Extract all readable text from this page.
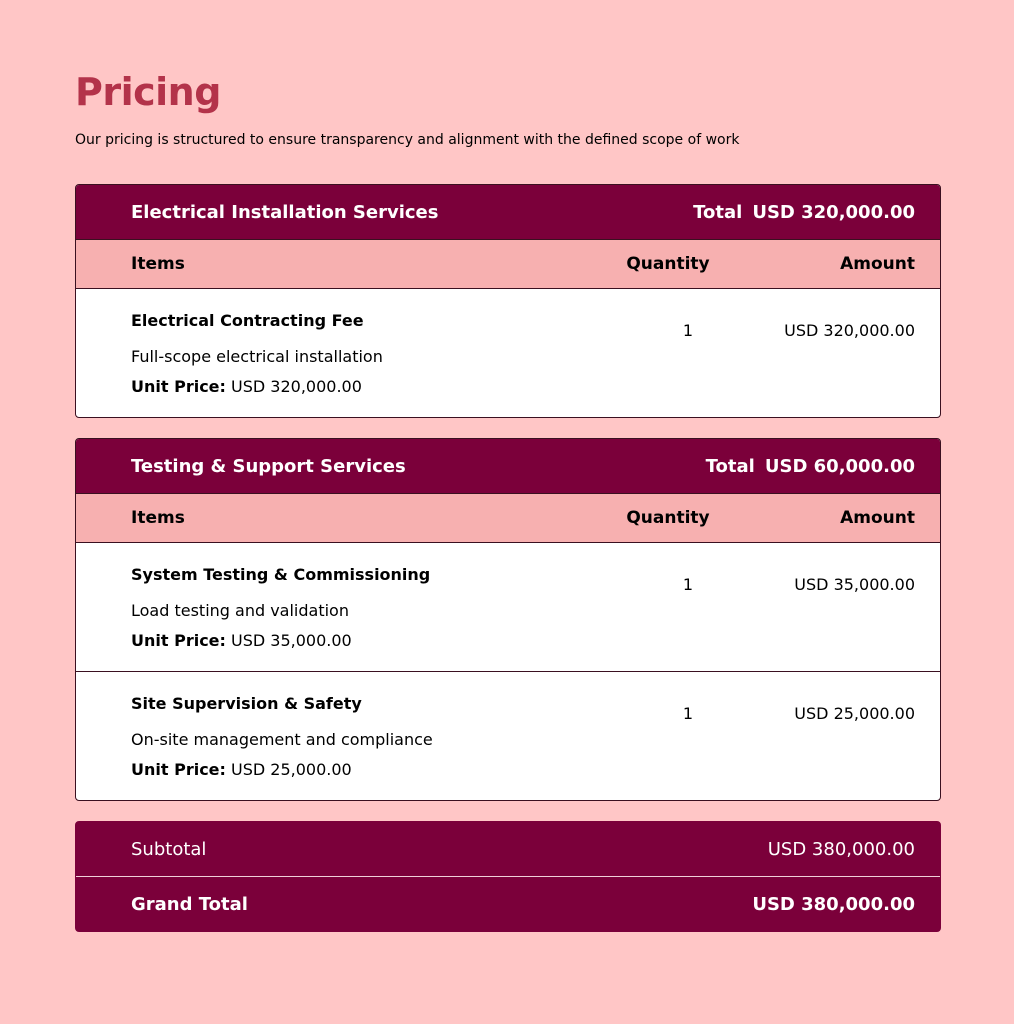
Pricing

Our pricing is structured to ensure transparency and alignment with the defined scope of work

Electrical Installation Services	Total USD 320,000.00
Items	Quantity	Amount
Electrical Contracting Fee
Full-scope electrical installation
Unit Price: USD 320,000.00
1	USD 320,000.00
Testing & Support Services	Total USD 60,000.00
Items	Quantity	Amount
System Testing & Commissioning
Load testing and validation
Unit Price: USD 35,000.00
1	USD 35,000.00
Site Supervision & Safety
On-site management and compliance
Unit Price: USD 25,000.00
1	USD 25,000.00
Subtotal	USD 380,000.00
Grand Total	USD 380,000.00
